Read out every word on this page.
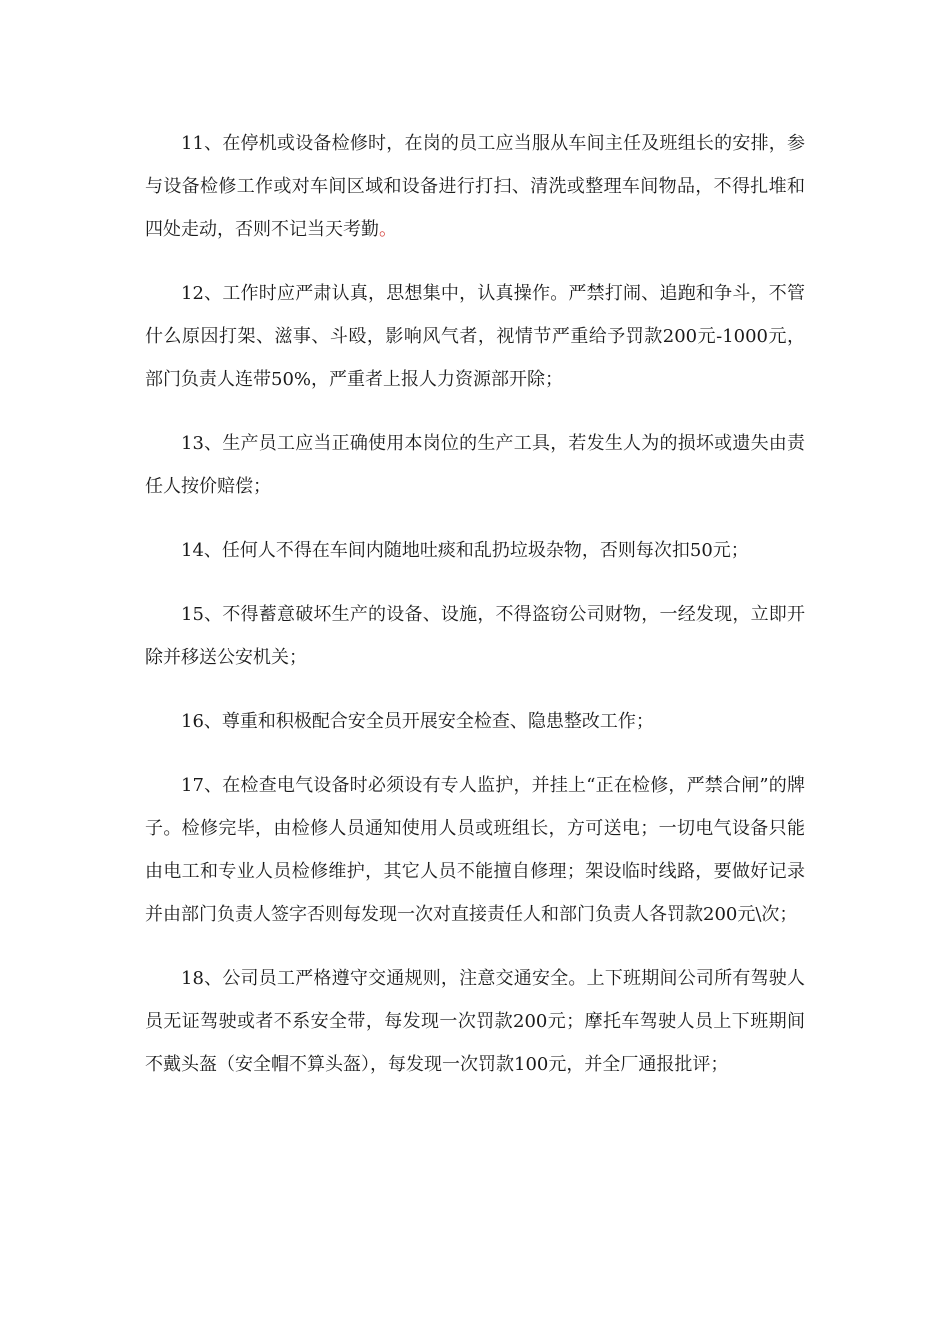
11、在停机或设备检修时，在岗的员工应当服从车间主任及班组长的安排，参与设备检修工作或对车间区域和设备进行打扫、清洗或整理车间物品，不得扎堆和四处走动，否则不记当天考勤。

12、工作时应严肃认真，思想集中，认真操作。严禁打闹、追跑和争斗，不管什么原因打架、滋事、斗殴，影响风气者，视情节严重给予罚款200元-1000元，部门负责人连带50%，严重者上报人力资源部开除；

13、生产员工应当正确使用本岗位的生产工具，若发生人为的损坏或遗失由责任人按价赔偿；

14、任何人不得在车间内随地吐痰和乱扔垃圾杂物，否则每次扣50元；

15、不得蓄意破坏生产的设备、设施，不得盗窃公司财物，一经发现，立即开除并移送公安机关；

16、尊重和积极配合安全员开展安全检查、隐患整改工作；

17、在检查电气设备时必须设有专人监护，并挂上“正在检修，严禁合闸”的牌子。检修完毕，由检修人员通知使用人员或班组长，方可送电；一切电气设备只能由电工和专业人员检修维护，其它人员不能擅自修理；架设临时线路，要做好记录并由部门负责人签字否则每发现一次对直接责任人和部门负责人各罚款200元\次；

18、公司员工严格遵守交通规则，注意交通安全。上下班期间公司所有驾驶人员无证驾驶或者不系安全带，每发现一次罚款200元；摩托车驾驶人员上下班期间不戴头盔（安全帽不算头盔），每发现一次罚款100元，并全厂通报批评；
